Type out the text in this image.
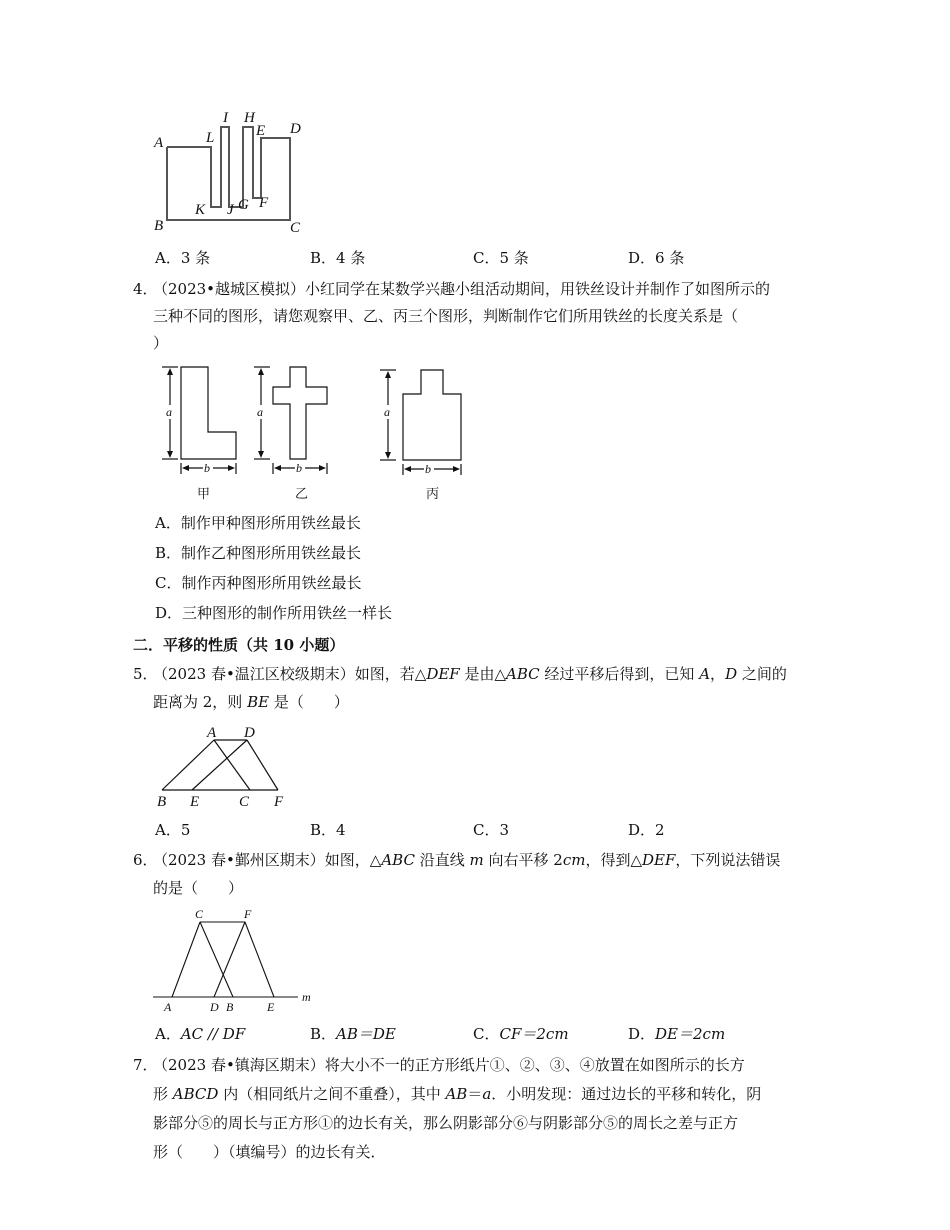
A
B
L
K J
I H
G
E
F
D
C
A．3 条	B．4 条	C．5 条	D．6 条
4．
（2023•越城区模拟）小红同学在某数学兴趣小组活动期间，用铁丝设计并制作了如图所示的
三种不同的图形，请您观察甲、乙、丙三个图形，判断制作它们所用铁丝的长度关系是（
）
a	a	a
b	b	b
甲	乙	丙
A．制作甲种图形所用铁丝最长
B．制作乙种图形所用铁丝最长
C．制作丙种图形所用铁丝最长
D．三种图形的制作所用铁丝一样长
二．平移的性质（共 10 小题）
5．
（2023 春•温江区校级期末）如图，若△DEF 是由△ABC 经过平移后得到，已知 A，D 之间的
距离为 2，则 BE 是（　　）
A D
B E	C F
A．5	B．4	C．3	D．2
6．
（2023 春•鄞州区期末）如图，△ABC 沿直线 m 向右平移 2cm，得到△DEF，下列说法错误
的是（　　）
C	F
A	D B	E
m
A．AC // DF	B．AB＝DE	C．CF＝2cm	D．DE＝2cm
7．
（2023 春•镇海区期末）将大小不一的正方形纸片①、②、③、④放置在如图所示的长方
形 ABCD 内（相同纸片之间不重叠），其中 AB＝a．小明发现：通过边长的平移和转化，阴
影部分⑤的周长与正方形①的边长有关，那么阴影部分⑥与阴影部分⑤的周长之差与正方
形（　　）（填编号）的边长有关．
